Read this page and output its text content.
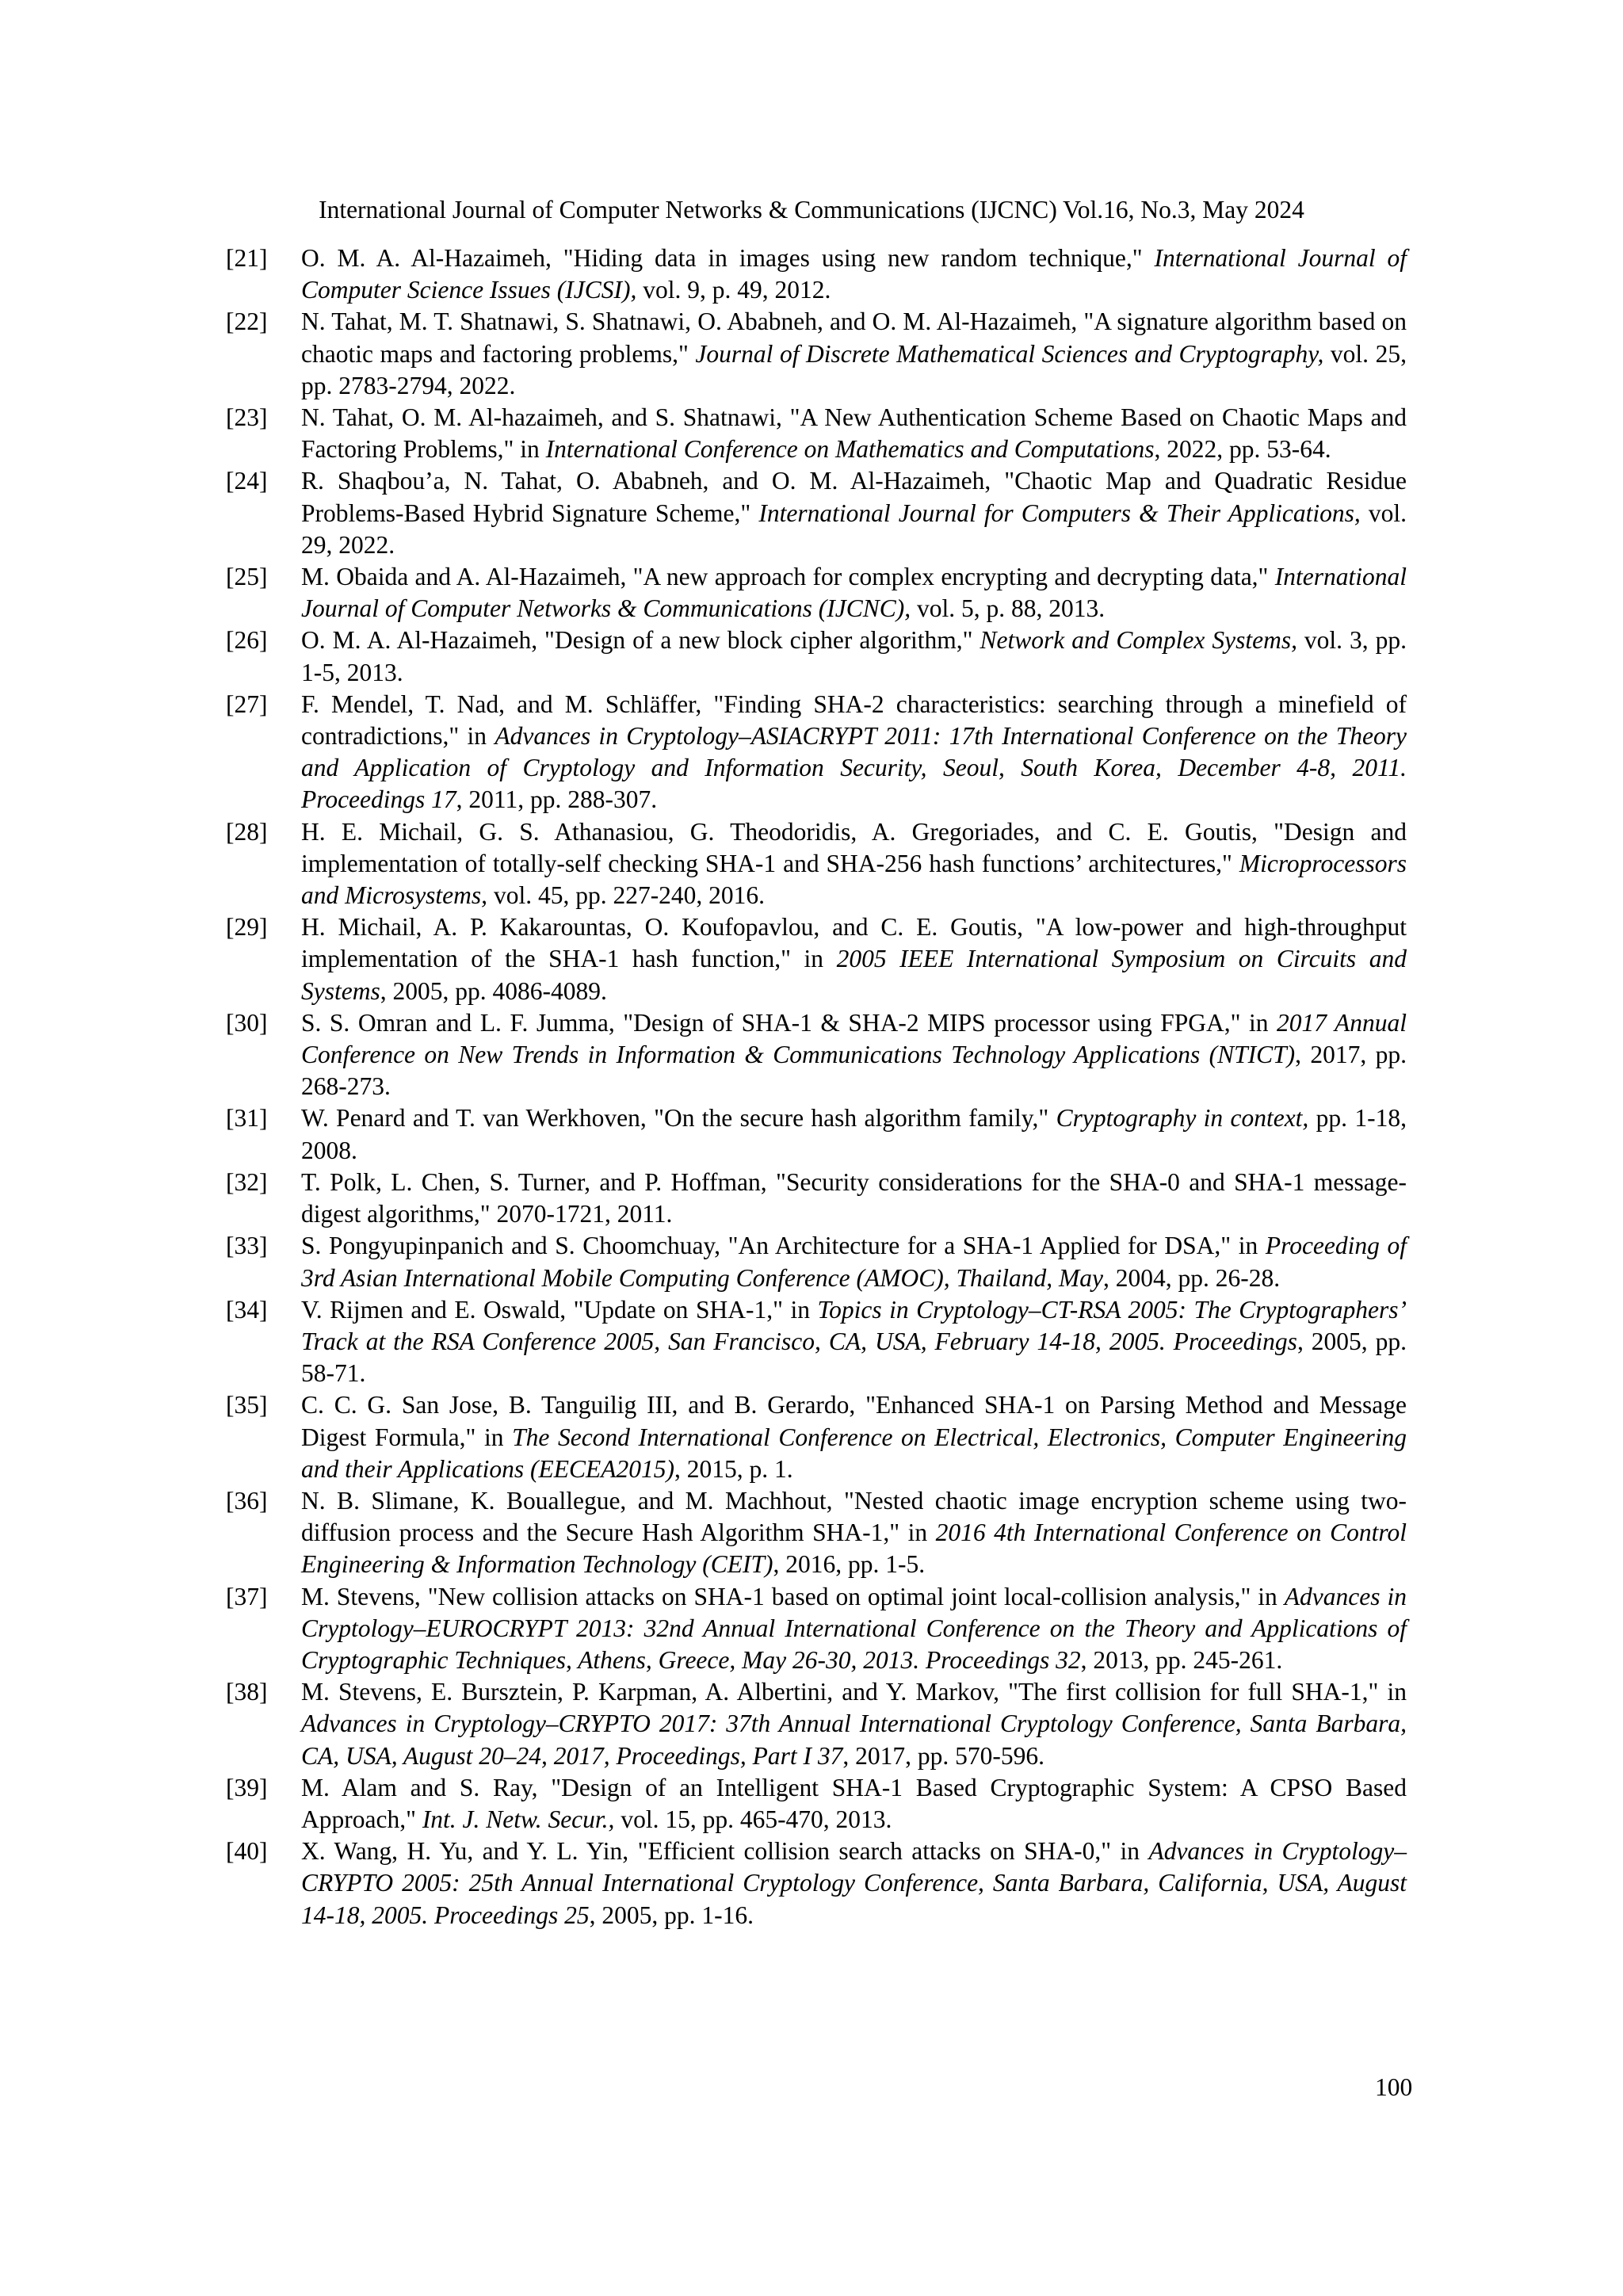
International Journal of Computer Networks & Communications (IJCNC) Vol.16, No.3, May 2024
[21] O. M. A. Al-Hazaimeh, "Hiding data in images using new random technique," International Journal of Computer Science Issues (IJCSI), vol. 9, p. 49, 2012.
[22] N. Tahat, M. T. Shatnawi, S. Shatnawi, O. Ababneh, and O. M. Al-Hazaimeh, "A signature algorithm based on chaotic maps and factoring problems," Journal of Discrete Mathematical Sciences and Cryptography, vol. 25, pp. 2783-2794, 2022.
[23] N. Tahat, O. M. Al-hazaimeh, and S. Shatnawi, "A New Authentication Scheme Based on Chaotic Maps and Factoring Problems," in International Conference on Mathematics and Computations, 2022, pp. 53-64.
[24] R. Shaqbou’a, N. Tahat, O. Ababneh, and O. M. Al-Hazaimeh, "Chaotic Map and Quadratic Residue Problems-Based Hybrid Signature Scheme," International Journal for Computers & Their Applications, vol. 29, 2022.
[25] M. Obaida and A. Al-Hazaimeh, "A new approach for complex encrypting and decrypting data," International Journal of Computer Networks & Communications (IJCNC), vol. 5, p. 88, 2013.
[26] O. M. A. Al-Hazaimeh, "Design of a new block cipher algorithm," Network and Complex Systems, vol. 3, pp. 1-5, 2013.
[27] F. Mendel, T. Nad, and M. Schläffer, "Finding SHA-2 characteristics: searching through a minefield of contradictions," in Advances in Cryptology–ASIACRYPT 2011: 17th International Conference on the Theory and Application of Cryptology and Information Security, Seoul, South Korea, December 4-8, 2011. Proceedings 17, 2011, pp. 288-307.
[28] H. E. Michail, G. S. Athanasiou, G. Theodoridis, A. Gregoriades, and C. E. Goutis, "Design and implementation of totally-self checking SHA-1 and SHA-256 hash functions’ architectures," Microprocessors and Microsystems, vol. 45, pp. 227-240, 2016.
[29] H. Michail, A. P. Kakarountas, O. Koufopavlou, and C. E. Goutis, "A low-power and high-throughput implementation of the SHA-1 hash function," in 2005 IEEE International Symposium on Circuits and Systems, 2005, pp. 4086-4089.
[30] S. S. Omran and L. F. Jumma, "Design of SHA-1 & SHA-2 MIPS processor using FPGA," in 2017 Annual Conference on New Trends in Information & Communications Technology Applications (NTICT), 2017, pp. 268-273.
[31] W. Penard and T. van Werkhoven, "On the secure hash algorithm family," Cryptography in context, pp. 1-18, 2008.
[32] T. Polk, L. Chen, S. Turner, and P. Hoffman, "Security considerations for the SHA-0 and SHA-1 message-digest algorithms," 2070-1721, 2011.
[33] S. Pongyupinpanich and S. Choomchuay, "An Architecture for a SHA-1 Applied for DSA," in Proceeding of 3rd Asian International Mobile Computing Conference (AMOC), Thailand, May, 2004, pp. 26-28.
[34] V. Rijmen and E. Oswald, "Update on SHA-1," in Topics in Cryptology–CT-RSA 2005: The Cryptographers’ Track at the RSA Conference 2005, San Francisco, CA, USA, February 14-18, 2005. Proceedings, 2005, pp. 58-71.
[35] C. C. G. San Jose, B. Tanguilig III, and B. Gerardo, "Enhanced SHA-1 on Parsing Method and Message Digest Formula," in The Second International Conference on Electrical, Electronics, Computer Engineering and their Applications (EECEA2015), 2015, p. 1.
[36] N. B. Slimane, K. Bouallegue, and M. Machhout, "Nested chaotic image encryption scheme using two-diffusion process and the Secure Hash Algorithm SHA-1," in 2016 4th International Conference on Control Engineering & Information Technology (CEIT), 2016, pp. 1-5.
[37] M. Stevens, "New collision attacks on SHA-1 based on optimal joint local-collision analysis," in Advances in Cryptology–EUROCRYPT 2013: 32nd Annual International Conference on the Theory and Applications of Cryptographic Techniques, Athens, Greece, May 26-30, 2013. Proceedings 32, 2013, pp. 245-261.
[38] M. Stevens, E. Bursztein, P. Karpman, A. Albertini, and Y. Markov, "The first collision for full SHA-1," in Advances in Cryptology–CRYPTO 2017: 37th Annual International Cryptology Conference, Santa Barbara, CA, USA, August 20–24, 2017, Proceedings, Part I 37, 2017, pp. 570-596.
[39] M. Alam and S. Ray, "Design of an Intelligent SHA-1 Based Cryptographic System: A CPSO Based Approach," Int. J. Netw. Secur., vol. 15, pp. 465-470, 2013.
[40] X. Wang, H. Yu, and Y. L. Yin, "Efficient collision search attacks on SHA-0," in Advances in Cryptology–CRYPTO 2005: 25th Annual International Cryptology Conference, Santa Barbara, California, USA, August 14-18, 2005. Proceedings 25, 2005, pp. 1-16.
100
